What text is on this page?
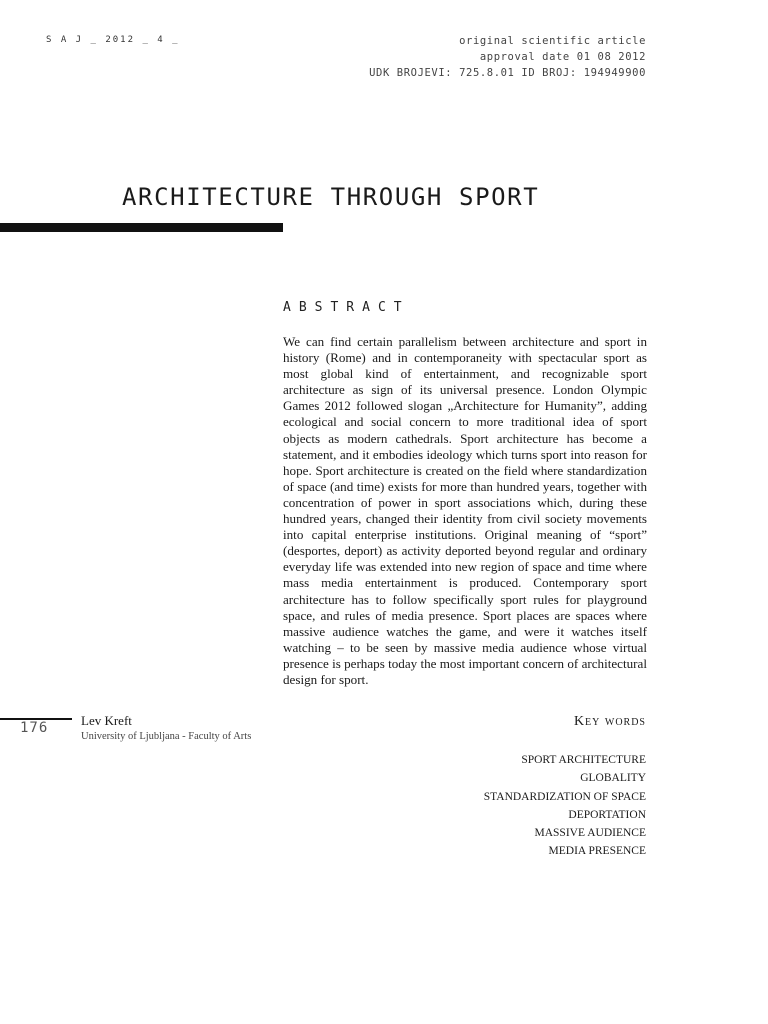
S A J _ 2012 _ 4 _	original scientific article
approval date 01 08 2012
UDK BROJEVI: 725.8.01 ID BROJ: 194949900
ARCHITECTURE THROUGH SPORT
ABSTRACT
We can find certain parallelism between architecture and sport in history (Rome) and in contemporaneity with spectacular sport as most global kind of entertainment, and recognizable sport architecture as sign of its universal presence. London Olympic Games 2012 followed slogan „Architecture for Humanity”, adding ecological and social concern to more traditional idea of sport objects as modern cathedrals. Sport architecture has become a statement, and it embodies ideology which turns sport into reason for hope. Sport architecture is created on the field where standardization of space (and time) exists for more than hundred years, together with concentration of power in sport associations which, during these hundred years, changed their identity from civil society movements into capital enterprise institutions. Original meaning of “sport” (desportes, deport) as activity deported beyond regular and ordinary everyday life was extended into new region of space and time where mass media entertainment is produced. Contemporary sport architecture has to follow specifically sport rules for playground space, and rules of media presence. Sport places are spaces where massive audience watches the game, and were it watches itself watching – to be seen by massive media audience whose virtual presence is perhaps today the most important concern of architectural design for sport.
176	Lev Kreft
University of Ljubljana - Faculty of Arts
Key words
SPORT ARCHITECTURE
GLOBALITY
STANDARDIZATION OF SPACE
DEPORTATION
MASSIVE AUDIENCE
MEDIA PRESENCE
